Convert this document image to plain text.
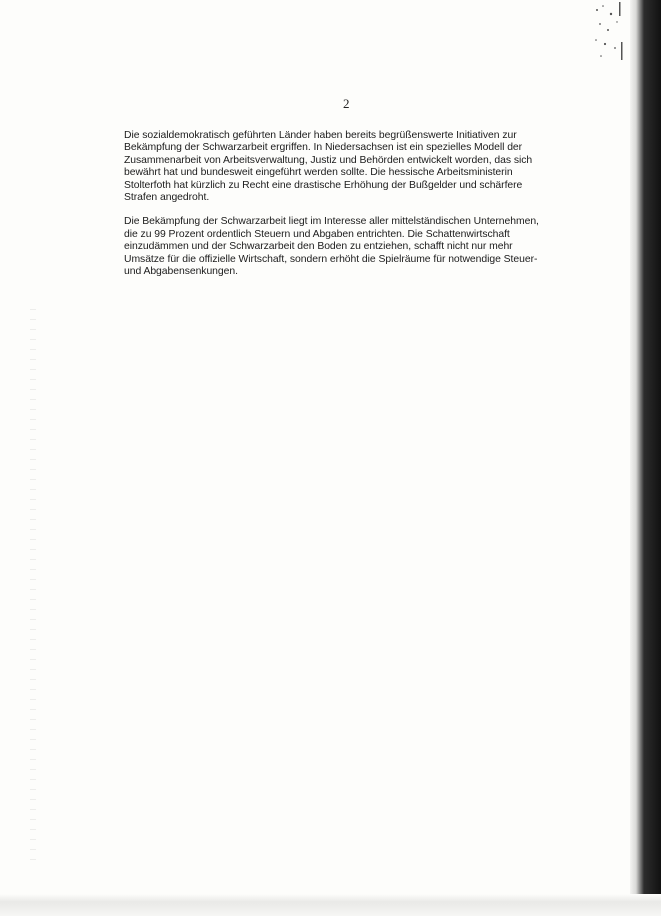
2

Die sozialdemokratisch geführten Länder haben bereits begrüßenswerte Initiativen zur
Bekämpfung der Schwarzarbeit ergriffen. In Niedersachsen ist ein spezielles Modell der
Zusammenarbeit von Arbeitsverwaltung, Justiz und Behörden entwickelt worden, das sich
bewährt hat und bundesweit eingeführt werden sollte. Die hessische Arbeitsministerin
Stolterfoth hat kürzlich zu Recht eine drastische Erhöhung der Bußgelder und schärfere
Strafen angedroht.

Die Bekämpfung der Schwarzarbeit liegt im Interesse aller mittelständischen Unternehmen,
die zu 99 Prozent ordentlich Steuern und Abgaben entrichten. Die Schattenwirtschaft
einzudämmen und der Schwarzarbeit den Boden zu entziehen, schafft nicht nur mehr
Umsätze für die offizielle Wirtschaft, sondern erhöht die Spielräume für notwendige Steuer-
und Abgabensenkungen.
